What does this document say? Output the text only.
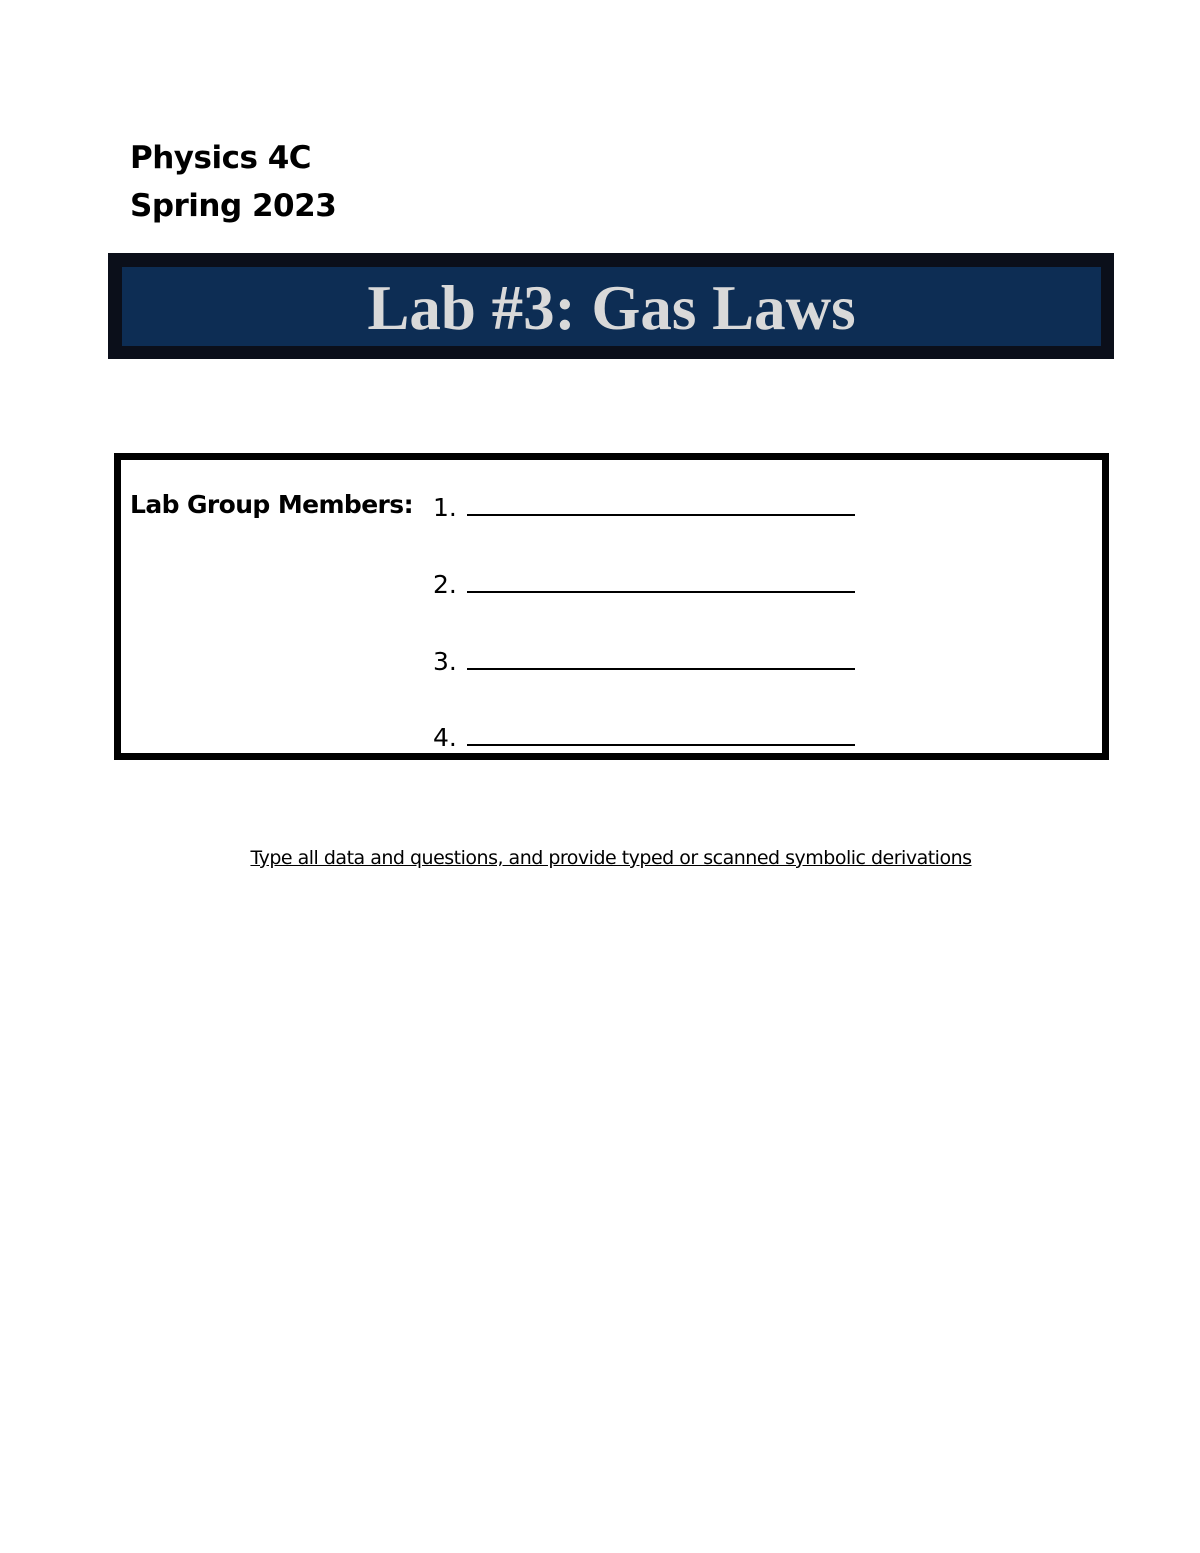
Physics 4C
Spring 2023
Lab #3: Gas Laws
Lab Group Members: 1.
2.
3.
4.
Type all data and questions, and provide typed or scanned symbolic derivations
